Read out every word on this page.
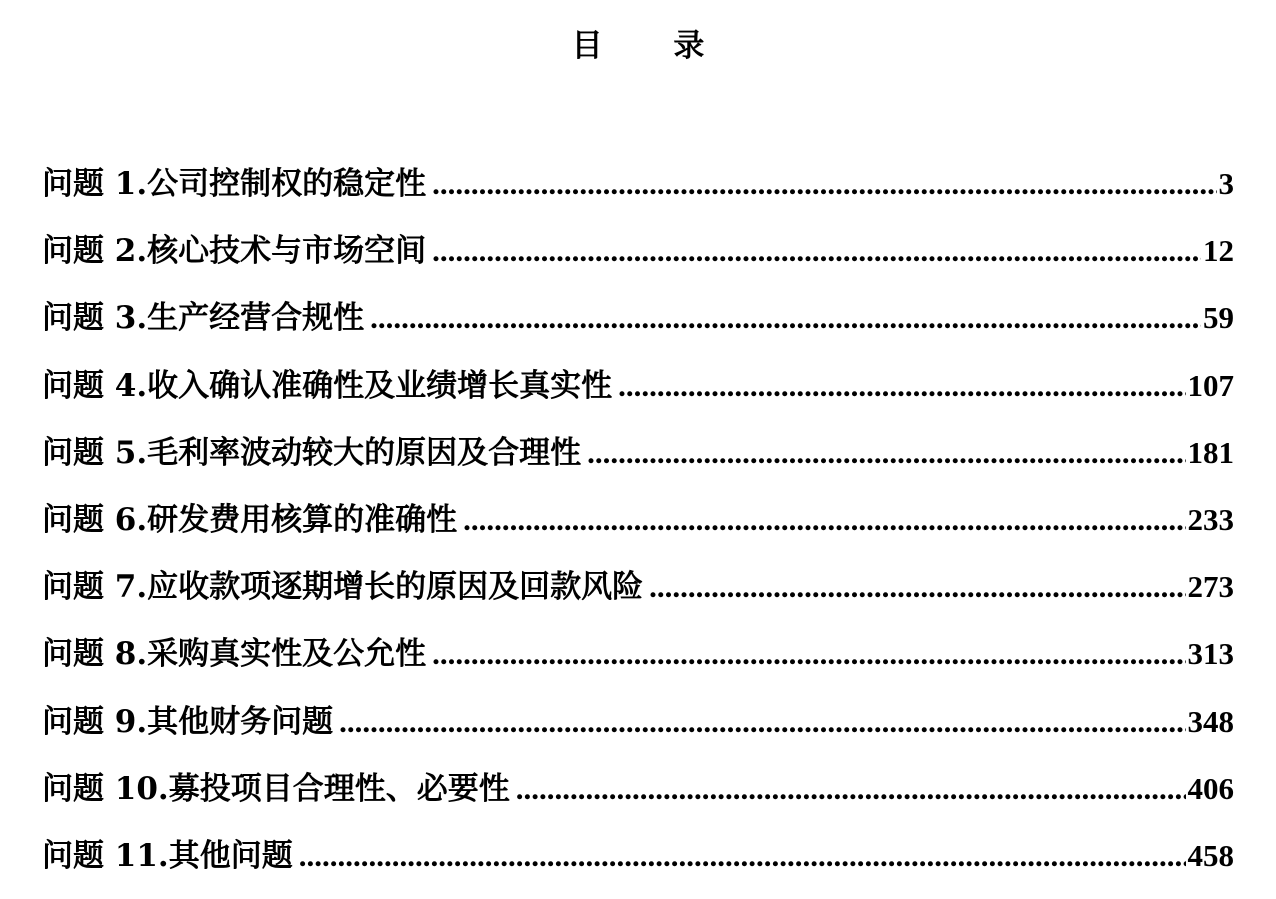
目 录
问题 1.公司控制权的稳定性 .....	3
问题 2.核心技术与市场空间 .....	12
问题 3.生产经营合规性 .....	59
问题 4.收入确认准确性及业绩增长真实性 .....	107
问题 5.毛利率波动较大的原因及合理性 .....	181
问题 6.研发费用核算的准确性 .....	233
问题 7.应收款项逐期增长的原因及回款风险 .....	273
问题 8.采购真实性及公允性 .....	313
问题 9.其他财务问题 .....	348
问题 10.募投项目合理性、必要性 .....	406
问题 11.其他问题 .....	458
